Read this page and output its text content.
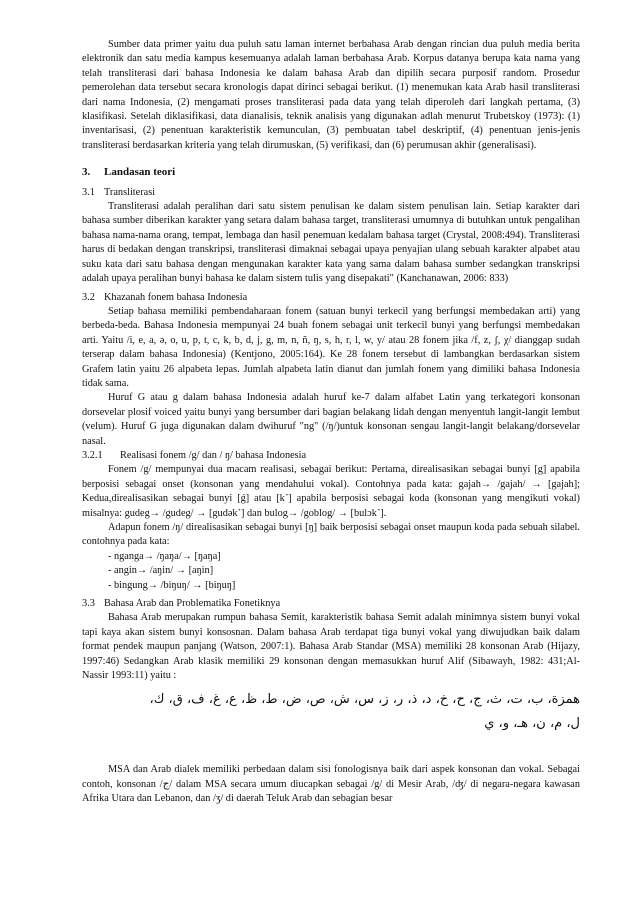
Sumber data primer yaitu dua puluh satu laman internet berbahasa Arab dengan rincian dua puluh media berita elektronik dan satu media kampus kesemuanya adalah laman berbahasa Arab. Korpus datanya berupa kata nama yang telah transliterasi dari bahasa Indonesia ke dalam bahasa Arab dan dipilih secara purposif random. Prosedur pemerolehan data tersebut secara kronologis dapat dirinci sebagai berikut. (1) menemukan kata Arab hasil transliterasi dari nama Indonesia, (2) mengamati proses transliterasi pada data yang telah diperoleh dari langkah pertama, (3) klasifikasi. Setelah diklasifikasi, data dianalisis, teknik analisis yang digunakan adlah menurut Trubetskoy (1973): (1) inventarisasi, (2) penentuan karakteristik kemunculan, (3) pembuatan tabel deskriptif, (4) penentuan jenis-jenis transliterasi berdasarkan kriteria yang telah dirumuskan, (5) verifikasi, dan (6) perumusan akhir (generalisasi).

3. Landasan teori
3.1 Transliterasi

Transliterasi adalah peralihan dari satu sistem penulisan ke dalam sistem penulisan lain. Setiap karakter dari bahasa sumber diberikan karakter yang setara dalam bahasa target, transliterasi umumnya di butuhkan untuk pengalihan bahasa nama-nama orang, tempat, lembaga dan hasil penemuan kedalam bahasa target (Crystal, 2008:494). Transliterasi harus di bedakan dengan transkripsi, transliterasi dimaknai sebagai upaya penyajian ulang sebuah karakter alpabet atau suku kata dari satu bahasa dengan mengunakan karakter kata yang sama dalam bahasa sumber sedangkan transkripsi adalah upaya peralihan bunyi bahasa ke dalam sistem tulis yang disepakati" (Kanchanawan, 2006: 833)

3.2 Khazanah fonem bahasa Indonesia

Setiap bahasa memiliki pembendaharaan fonem (satuan bunyi terkecil yang berfungsi membedakan arti) yang berbeda-beda. Bahasa Indonesia mempunyai 24 buah fonem sebagai unit terkecil bunyi yang berfungsi membedakan arti. Yaitu /i, e, a, ə, o, u, p, t, c, k, b, d, j, g, m, n, ñ, ŋ, s, h, r, l, w, y/ atau 28 fonem jika /f, z, ʃ, χ/ dianggap sudah terserap dalam bahasa Indonesia) (Kentjono, 2005:164). Ke 28 fonem tersebut di lambangkan berdasarkan sistem Grafem latin yaitu 26 alpabeta lepas. Jumlah alpabeta latin dianut dan jumlah fonem yang dimiliki bahasa Indonesia tidak sama.

Huruf G atau g dalam bahasa Indonesia adalah huruf ke-7 dalam alfabet Latin yang terkategori konsonan dorsevelar plosif voiced yaitu bunyi yang bersumber dari bagian belakang lidah dengan menyentuh langit-langit lembut (velum). Huruf G juga digunakan dalam dwihuruf "ng" (/ŋ/)untuk konsonan sengau langit-langit belakang/dorsevelar nasal.

3.2.1 Realisasi fonem /g/ dan / ŋ/ bahasa Indonesia

Fonem /g/ mempunyai dua macam realisasi, sebagai berikut: Pertama, direalisasikan sebagai bunyi [g] apabila berposisi sebagai onset (konsonan yang mendahului vokal). Contohnya pada kata: gajah→ /gajah/ → [gajah]; Kedua,direalisasikan sebagai bunyi [ǵ] atau [k˺] apabila berposisi sebagai koda (konsonan yang mengikuti vokal) misalnya: gudeg→ /gudeg/ → [gudək˺] dan bulog→ /goblog/ → [bulɔk˺].

Adapun fonem /ŋ/ direalisasikan sebagai bunyi [ŋ] baik berposisi sebagai onset maupun koda pada sebuah silabel. contohnya pada kata:

- nganga→ /ŋaŋa/→ [ŋaŋa]
- angin→ /aŋin/ → [aŋin]
- bingung→ /biŋuŋ/ → [biŋuŋ]
3.3 Bahasa Arab dan Problematika Fonetiknya

Bahasa Arab merupakan rumpun bahasa Semit, karakteristik bahasa Semit adalah minimnya sistem bunyi vokal tapi kaya akan sistem bunyi konsosnan. Dalam bahasa Arab terdapat tiga bunyi vokal yang diwujudkan baik dalam format pendek maupun panjang (Watson, 2007:1). Bahasa Arab Standar (MSA) memiliki 28 konsonan Arab (Hijazy, 1997:46) Sedangkan Arab klasik memiliki 29 konsonan dengan memasukkan huruf Alif (Sibawayh, 1982: 431;Al-Nassir 1993:11) yaitu :

همزة، ب، ت، ث، ج، ح، خ، د، ذ، ر، ز، س، ش، ص، ض، ط، ظ، ع، غ، ف، ق، ك،
ل، م، ن، هـ، و، ي

MSA dan Arab dialek memiliki perbedaan dalam sisi fonologisnya baik dari aspek konsonan dan vokal. Sebagai contoh, konsonan /ج/ dalam MSA secara umum diucapkan sebagai /g/ di Mesir Arab, /ʤ/ di negara-negara kawasan Afrika Utara dan Lebanon, dan /ʒ/ di daerah Teluk Arab dan sebagian besar
